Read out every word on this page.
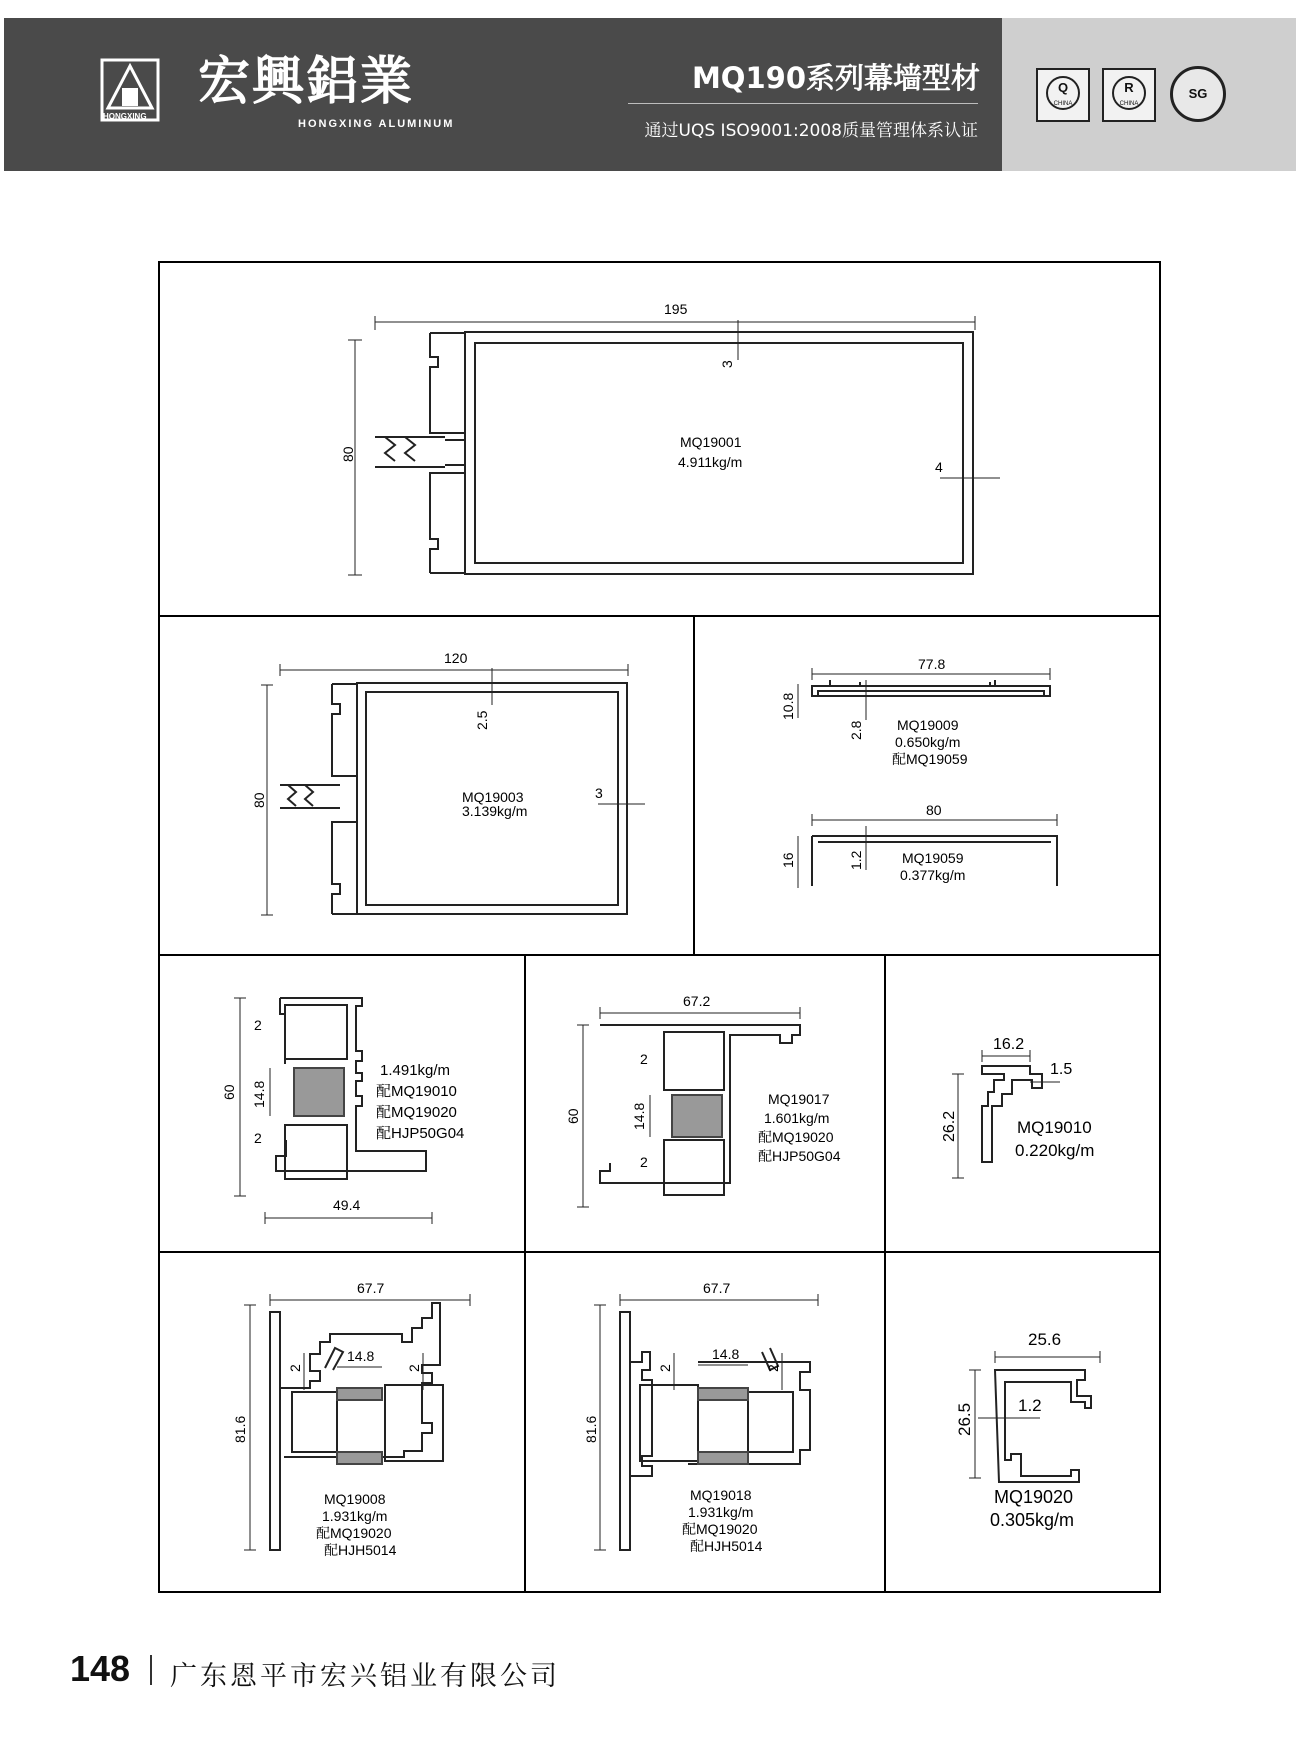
HONGXING
宏興鋁業
HONGXING ALUMINUM
MQ190系列幕墙型材
通过UQS ISO9001:2008质量管理体系认证
Q
CHINA
R
CHINA
SG
195
80
3
4
MQ19001
4.911kg/m
120
80
2.5
3
MQ19003
3.139kg/m
77.8
10.8
2.8 MQ19009
0.650kg/m
配MQ19059
80
16	1.2	MQ19059
0.377kg/m
60 14.8
2
2
49.4
1.491kg/m
配MQ19010
配MQ19020
配HJP50G04
67.2
60	14.8
2
2
MQ19017
1.601kg/m
配MQ19020
配HJP50G04
16.2
1.5
26.2	MQ19010
0.220kg/m
67.7
81.6
14.8
2	2
MQ19008
1.931kg/m
配MQ19020
配HJH5014
67.7
81.6
14.8
2	2
MQ19018
1.931kg/m
配MQ19020
配HJH5014
25.6
26.5	1.2
MQ19020
0.305kg/m
148 广东恩平市宏兴铝业有限公司
